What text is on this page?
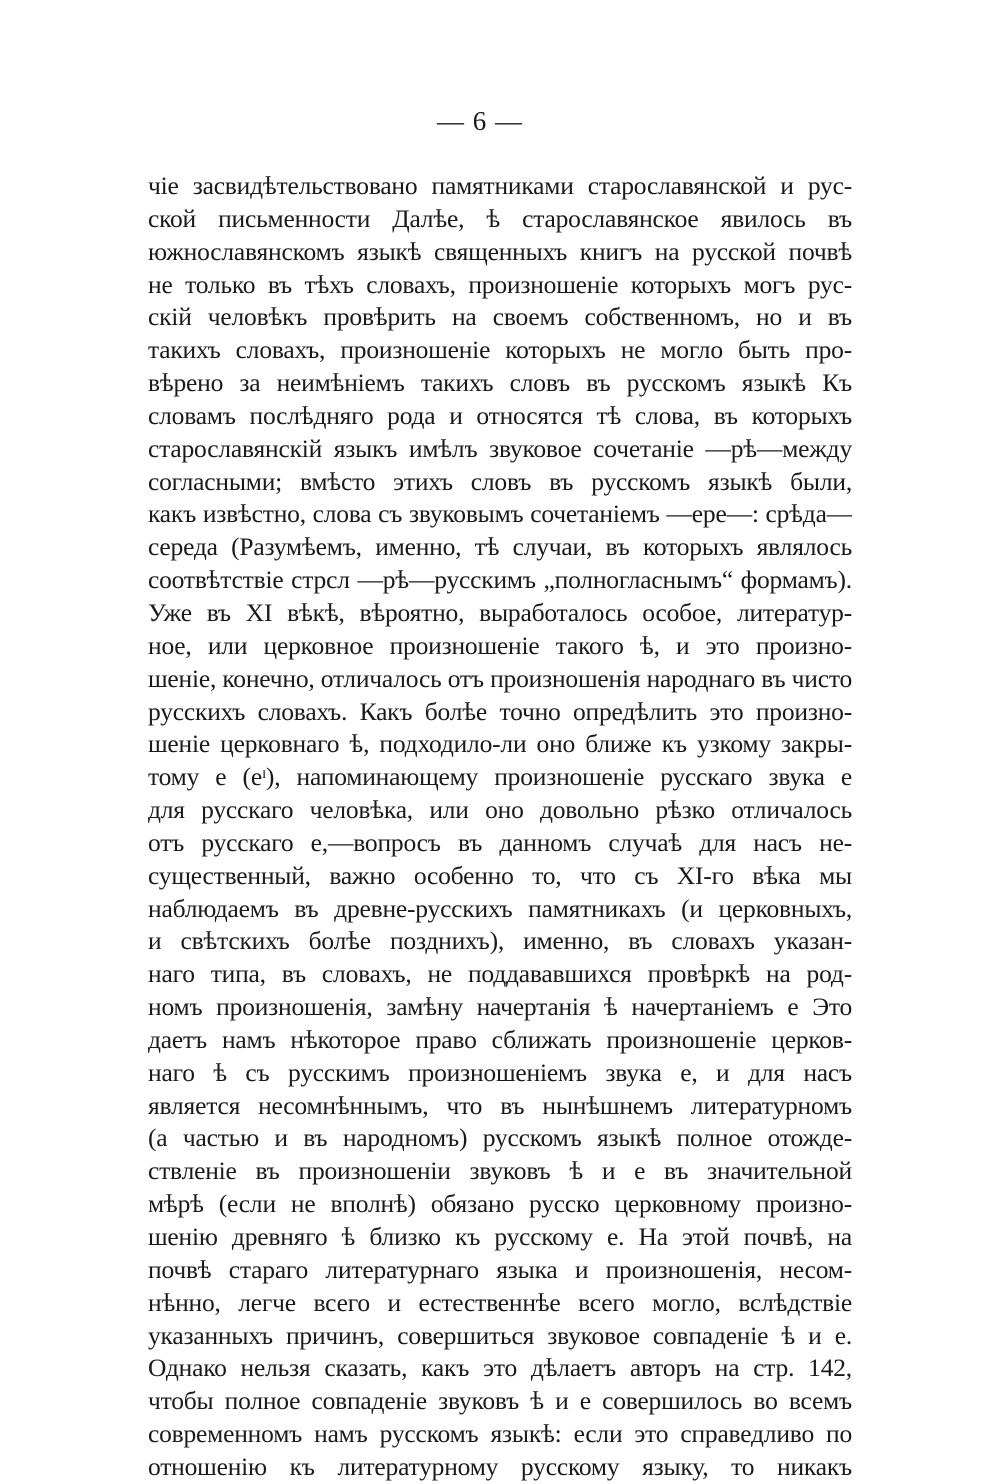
— 6 —
чіе засвидѣтельствовано памятниками старославянской и рус-
ской письменности Далѣе, ѣ старославянское явилось въ
южнославянскомъ языкѣ священныхъ книгъ на русской почвѣ
не только въ тѣхъ словахъ, произношеніе которыхъ могъ рус-
скій человѣкъ провѣрить на своемъ собственномъ, но и въ
такихъ словахъ, произношеніе которыхъ не могло быть про-
вѣрено за неимѣніемъ такихъ словъ въ русскомъ языкѣ Къ
словамъ послѣдняго рода и относятся тѣ слова, въ которыхъ
старославянскій языкъ имѣлъ звуковое сочетаніе —рѣ—между
согласными; вмѣсто этихъ словъ въ русскомъ языкѣ были,
какъ извѣстно, слова съ звуковымъ сочетаніемъ —ере—: срѣда—
середа (Разумѣемъ, именно, тѣ случаи, въ которыхъ являлось
соотвѣтствіе стрсл —рѣ—русскимъ „полногласнымъ“ формамъ).
Уже въ XI вѣкѣ, вѣроятно, выработалось особое, литератур-
ное, или церковное произношеніе такого ѣ, и это произно-
шеніе, конечно, отличалось отъ произношенія народнаго въ чисто
русскихъ словахъ. Какъ болѣе точно опредѣлить это произно-
шеніе церковнаго ѣ, подходило-ли оно ближе къ узкому закры-
тому е (еᶦ), напоминающему произношеніе русскаго звука е
для русскаго человѣка, или оно довольно рѣзко отличалось
отъ русскаго е,—вопросъ въ данномъ случаѣ для насъ не-
существенный, важно особенно то, что съ XI-го вѣка мы
наблюдаемъ въ древне-русскихъ памятникахъ (и церковныхъ,
и свѣтскихъ болѣе позднихъ), именно, въ словахъ указан-
наго типа, въ словахъ, не поддававшихся провѣркѣ на род-
номъ произношенія, замѣну начертанія ѣ начертаніемъ е Это
даетъ намъ нѣкоторое право сближать произношеніе церков-
наго ѣ съ русскимъ произношеніемъ звука е, и для насъ
является несомнѣннымъ, что въ нынѣшнемъ литературномъ
(а частью и въ народномъ) русскомъ языкѣ полное отожде-
ствленіе въ произношеніи звуковъ ѣ и е въ значительной
мѣрѣ (если не вполнѣ) обязано русско церковному произно-
шенію древняго ѣ близко къ русскому е. На этой почвѣ, на
почвѣ стараго литературнаго языка и произношенія, несом-
нѣнно, легче всего и естественнѣе всего могло, вслѣдствіе
указанныхъ причинъ, совершиться звуковое совпаденіе ѣ и е.
Однако нельзя сказать, какъ это дѣлаетъ авторъ на стр. 142,
чтобы полное совпаденіе звуковъ ѣ и е совершилось во всемъ
современномъ намъ русскомъ языкѣ: если это справедливо по
отношенію къ литературному русскому языку, то никакъ
